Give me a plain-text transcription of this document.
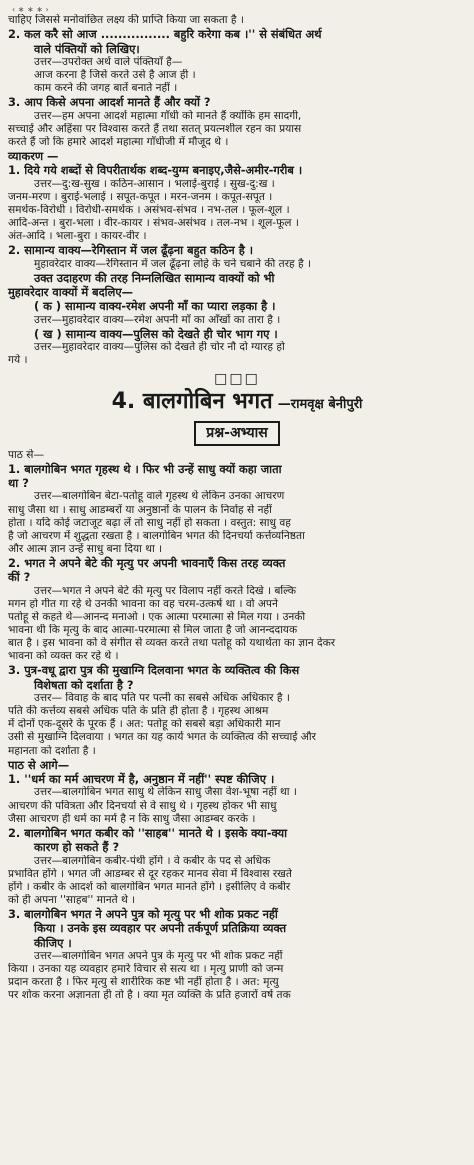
‹ ∗ ∗ ∗ ›
चाहिए जिससे मनोवांछित लक्ष्य की प्राप्ति किया जा सकता है ।
2. कल करै सो आज ................ बहुरि करेगा कब ।'' से संबंधित अर्थ
वाले पंक्तियों को लिखिए।
उत्तर—उपरोक्त अर्थ वाले पंक्तियाँ है—
आज करना है जिसे करते उसे है आज ही ।
काम करने की जगह बातें बनाते नहीं ।
3. आप किसे अपना आदर्श मानते हैं और क्यों ?
उत्तर—हम अपना आदर्श महात्मा गाँधी को मानते हैं क्योंकि हम सादगी,
सच्चाई और अहिंसा पर विश्वास करते हैं तथा सतत् प्रयत्नशील रहन का प्रयास
करते हैं जो कि हमारे आदर्श महात्मा गाँधीजी में मौजूद थे ।
व्याकरण —
1. दिये गये शब्दों से विपरीतार्थक शब्द-युग्म बनाइए,जैसे-अमीर-गरीब ।
उत्तर—दु:ख-सुख । कठिन-आसान । भलाई-बुराई । सुख-दु:ख ।
जनम-मरण । बुराई-भलाई । सपूत-कपूत । मरन-जनम । कपूत-सपूत ।
समर्थक-विरोधी । विरोधी-समर्थक । असंभव-संभव । नभ-तल । फूल-शूल ।
आदि-अन्त । बुरा-भला । वीर-कायर । संभव-असंभव । तल-नभ । शूल-फूल ।
अंत-आदि । भला-बुरा । कायर-वीर ।
2. सामान्य वाक्य—रेगिस्तान में जल ढूँढ़ना बहुत कठिन है ।
मुहावरेदार वाक्य—रेगिस्तान में जल ढूँढ़ना लोहे के चने चबाने की तरह है ।
उक्त उदाहरण की तरह निम्नलिखित सामान्य वाक्यों को भी
मुहावरेदार वाक्यों में बदलिए—
( क ) सामान्य वाक्य-रमेश अपनी माँ का प्यारा लड़का है ।
उत्तर—मुहावरेदार वाक्य—रमेश अपनी माँ का आँखों का तारा है ।
( ख ) सामान्य वाक्य—पुलिस को देखते ही चोर भाग गए ।
उत्तर—मुहावरेदार वाक्य—पुलिस को देखते ही चोर नौ दो ग्यारह हो
गये ।
□□□
4. बालगोबिन भगत —रामवृक्ष बेनीपुरी
प्रश्न-अभ्यास
पाठ से—
1. बालगोबिन भगत गृहस्थ थे । फिर भी उन्हें साधु क्यों कहा जाता
था ?
उत्तर—बालगोबिन बेटा-पतोहू वाले गृहस्थ थे लेकिन उनका आचरण
साधु जैसा था । साधु आडम्बरों या अनुष्ठानों के पालन के निर्वाह से नहीं
होता । यदि कोई जटाजूट बढ़ा लें तो साधु नहीं हो सकता । वस्तुत: साधु वह
है जो आचरण में शुद्धता रखता है । बालगोबिन भगत की दिनचर्या कर्त्तव्यनिष्ठता
और आत्म ज्ञान उन्हें साधु बना दिया था ।
2. भगत ने अपने बेटे की मृत्यु पर अपनी भावनाएँ किस तरह व्यक्त
कीं ?
उत्तर—भगत ने अपने बेटे की मृत्यु पर विलाप नहीं करते दिखे । बल्कि
मगन हो गीत गा रहे थे उनकी भावना का वह चरम-उत्कर्ष था । वो अपने
पतोहू से कहते थे—आनन्द मनाओ । एक आत्मा परमात्मा से मिल गया । उनकी
भावना थी कि मृत्यु के बाद आत्मा-परमात्मा से मिल जाता है जो आनन्ददायक
बात है । इस भावना को वे संगीत से व्यक्त करते तथा पतोहू को यथार्थता का ज्ञान देकर
भावना को व्यक्त कर रहे थे ।
3. पुत्र-वधू द्वारा पुत्र की मुखाग्नि दिलवाना भगत के व्यक्तित्व की किस
विशेषता को दर्शाता है ?
उत्तर— विवाह के बाद पति पर पत्नी का सबसे अधिक अधिकार है ।
पति की कर्त्तव्य सबसे अधिक पति के प्रति ही होता है । गृहस्थ आश्रम
में दोनों एक-दूसरे के पूरक हैं । अत: पतोहू को सबसे बड़ा अधिकारी मान
उसी से मुखाग्नि दिलवाया । भगत का यह कार्य भगत के व्यक्तित्व की सच्चाई और
महानता को दर्शाता है ।
पाठ से आगे—
1. ''धर्म का मर्म आचरण में है, अनुष्ठान में नहीं'' स्पष्ट कीजिए ।
उत्तर—बालगोबिन भगत साधु थे लेकिन साधु जैसा वेश-भूषा नहीं था ।
आचरण की पवित्रता और दिनचर्या से वे साधु थे । गृहस्थ होकर भी साधु
जैसा आचरण ही धर्म का मर्म है न कि साधु जैसा आडम्बर करके ।
2. बालगोबिन भगत कबीर को ''साहब'' मानते थे । इसके क्या-क्या
कारण हो सकते हैं ?
उत्तर—बालगोबिन कबीर-पंथी होंगे । वे कबीर के पद से अधिक
प्रभावित होंगे । भगत जी आडम्बर से दूर रहकर मानव सेवा में विश्वास रखते
होंगे । कबीर के आदर्श को बालगोबिन भगत मानते होंगे । इसीलिए वे कबीर
को ही अपना ''साहब'' मानते थे ।
3. बालगोबिन भगत ने अपने पुत्र को मृत्यु पर भी शोक प्रकट नहीं
किया । उनके इस व्यवहार पर अपनी तर्कपूर्ण प्रतिक्रिया व्यक्त
कीजिए ।
उत्तर—बालगोबिन भगत अपने पुत्र के मृत्यु पर भी शोक प्रकट नहीं
किया । उनका यह व्यवहार हमारे विचार से सत्य था । मृत्यु प्राणी को जन्म
प्रदान करता है । फिर मृत्यु से शारीरिक कष्ट भी नहीं होता है । अत: मृत्यु
पर शोक करना अज्ञानता ही तो है । क्या मृत व्यक्ति के प्रति हजारों वर्ष तक
